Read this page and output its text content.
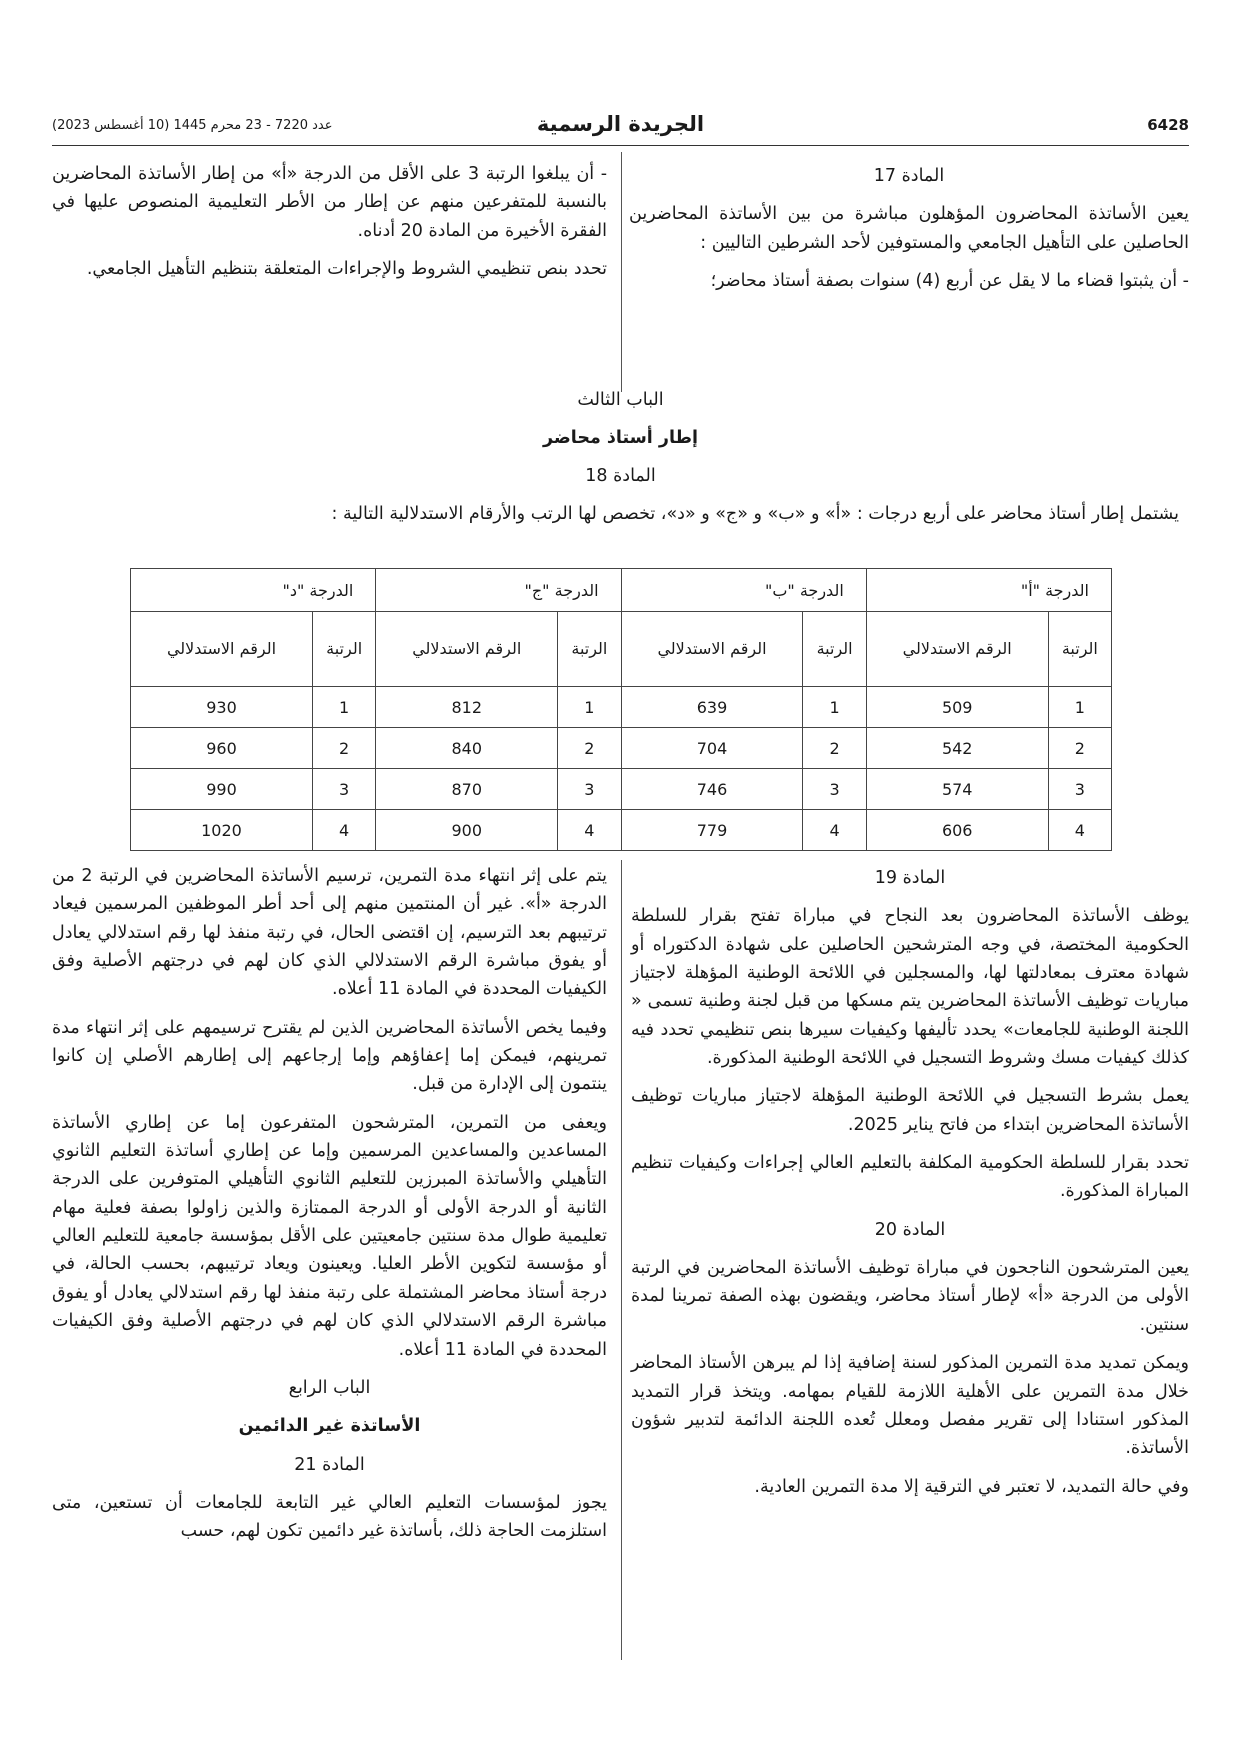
6428
الجريدة الرسمية
عدد 7220 - 23 محرم 1445 (10 أغسطس 2023)
المادة 17

يعين الأساتذة المحاضرون المؤهلون مباشرة من بين الأساتذة المحاضرين الحاصلين على التأهيل الجامعي والمستوفين لأحد الشرطين التاليين :

- أن يثبتوا قضاء ما لا يقل عن أربع (4) سنوات بصفة أستاذ محاضر؛

- أن يبلغوا الرتبة 3 على الأقل من الدرجة «أ» من إطار الأساتذة المحاضرين بالنسبة للمتفرعين منهم عن إطار من الأطر التعليمية المنصوص عليها في الفقرة الأخيرة من المادة 20 أدناه.

تحدد بنص تنظيمي الشروط والإجراءات المتعلقة بتنظيم التأهيل الجامعي.

الباب الثالث
إطار أستاذ محاضر
المادة 18
يشتمل إطار أستاذ محاضر على أربع درجات : «أ» و «ب» و «ج» و «د»، تخصص لها الرتب والأرقام الاستدلالية التالية :
الدرجة "أ"		الدرجة "ب"		الدرجة "ج"		الدرجة "د"	
الرتبة	الرقم الاستدلالي	الرتبة	الرقم الاستدلالي	الرتبة	الرقم الاستدلالي	الرتبة	الرقم الاستدلالي
1	509	1	639	1	812	1	930
2	542	2	704	2	840	2	960
3	574	3	746	3	870	3	990
4	606	4	779	4	900	4	1020
المادة 19

يوظف الأساتذة المحاضرون بعد النجاح في مباراة تفتح بقرار للسلطة الحكومية المختصة، في وجه المترشحين الحاصلين على شهادة الدكتوراه أو شهادة معترف بمعادلتها لها، والمسجلين في اللائحة الوطنية المؤهلة لاجتياز مباريات توظيف الأساتذة المحاضرين يتم مسكها من قبل لجنة وطنية تسمى « اللجنة الوطنية للجامعات» يحدد تأليفها وكيفيات سيرها بنص تنظيمي تحدد فيه كذلك كيفيات مسك وشروط التسجيل في اللائحة الوطنية المذكورة.

يعمل بشرط التسجيل في اللائحة الوطنية المؤهلة لاجتياز مباريات توظيف الأساتذة المحاضرين ابتداء من فاتح يناير 2025.

تحدد بقرار للسلطة الحكومية المكلفة بالتعليم العالي إجراءات وكيفيات تنظيم المباراة المذكورة.

المادة 20

يعين المترشحون الناجحون في مباراة توظيف الأساتذة المحاضرين في الرتبة الأولى من الدرجة «أ» لإطار أستاذ محاضر، ويقضون بهذه الصفة تمرينا لمدة سنتين.

ويمكن تمديد مدة التمرين المذكور لسنة إضافية إذا لم يبرهن الأستاذ المحاضر خلال مدة التمرين على الأهلية اللازمة للقيام بمهامه. ويتخذ قرار التمديد المذكور استنادا إلى تقرير مفصل ومعلل تُعده اللجنة الدائمة لتدبير شؤون الأساتذة.

وفي حالة التمديد، لا تعتبر في الترقية إلا مدة التمرين العادية.

يتم على إثر انتهاء مدة التمرين، ترسيم الأساتذة المحاضرين في الرتبة 2 من الدرجة «أ». غير أن المنتمين منهم إلى أحد أطر الموظفين المرسمين فيعاد ترتيبهم بعد الترسيم، إن اقتضى الحال، في رتبة منفذ لها رقم استدلالي يعادل أو يفوق مباشرة الرقم الاستدلالي الذي كان لهم في درجتهم الأصلية وفق الكيفيات المحددة في المادة 11 أعلاه.

وفيما يخص الأساتذة المحاضرين الذين لم يقترح ترسيمهم على إثر انتهاء مدة تمرينهم، فيمكن إما إعفاؤهم وإما إرجاعهم إلى إطارهم الأصلي إن كانوا ينتمون إلى الإدارة من قبل.

ويعفى من التمرين، المترشحون المتفرعون إما عن إطاري الأساتذة المساعدين والمساعدين المرسمين وإما عن إطاري أساتذة التعليم الثانوي التأهيلي والأساتذة المبرزين للتعليم الثانوي التأهيلي المتوفرين على الدرجة الثانية أو الدرجة الأولى أو الدرجة الممتازة والذين زاولوا بصفة فعلية مهام تعليمية طوال مدة سنتين جامعيتين على الأقل بمؤسسة جامعية للتعليم العالي أو مؤسسة لتكوين الأطر العليا. ويعينون ويعاد ترتيبهم، بحسب الحالة، في درجة أستاذ محاضر المشتملة على رتبة منفذ لها رقم استدلالي يعادل أو يفوق مباشرة الرقم الاستدلالي الذي كان لهم في درجتهم الأصلية وفق الكيفيات المحددة في المادة 11 أعلاه.

الباب الرابع
الأساتذة غير الدائمين
المادة 21

يجوز لمؤسسات التعليم العالي غير التابعة للجامعات أن تستعين، متى استلزمت الحاجة ذلك، بأساتذة غير دائمين تكون لهم، حسب
